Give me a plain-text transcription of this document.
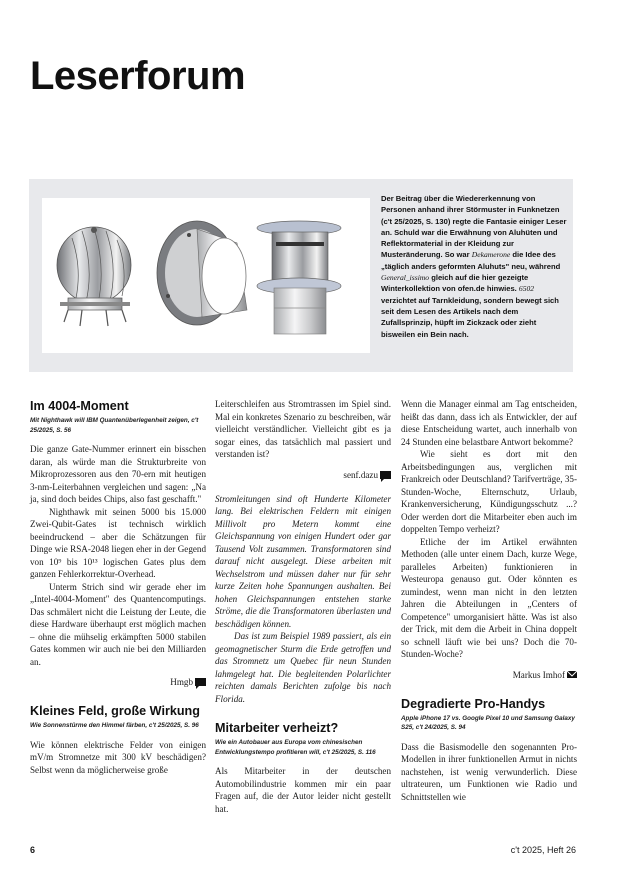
Leserforum
Der Beitrag über die Wiedererkennung von Personen anhand ihrer Störmuster in Funknetzen (c't 25/2025, S. 130) regte die Fantasie einiger Leser an. Schuld war die Erwähnung von Aluhüten und Reflektormaterial in der Kleidung zur Musteränderung. So war Dekamerone die Idee des „täglich anders geformten Aluhuts" neu, während General_issimo gleich auf die hier gezeigte Winterkollektion von ofen.de hinwies. 6502 verzichtet auf Tarnkleidung, sondern bewegt sich seit dem Lesen des Artikels nach dem Zufallsprinzip, hüpft im Zickzack oder zieht bisweilen ein Bein nach.
Im 4004-Moment

Mit Nighthawk will IBM Quantenüberlegenheit zeigen, c't 25/2025, S. 56

Die ganze Gate-Nummer erinnert ein bisschen daran, als würde man die Strukturbreite von Mikroprozessoren aus den 70-ern mit heutigen 3-nm-Leiterbahnen vergleichen und sagen: „Na ja, sind doch beides Chips, also fast geschafft."

Nighthawk mit seinen 5000 bis 15.000 Zwei-Qubit-Gates ist technisch wirklich beeindruckend – aber die Schätzungen für Dinge wie RSA-2048 liegen eher in der Gegend von 10⁹ bis 10¹³ logischen Gates plus dem ganzen Fehlerkorrektur-Overhead.

Unterm Strich sind wir gerade eher im „Intel-4004-Moment" des Quantencomputings. Das schmälert nicht die Leistung der Leute, die diese Hardware überhaupt erst möglich machen – ohne die mühselig erkämpften 5000 stabilen Gates kommen wir auch nie bei den Milliarden an.

Hmgb

Kleines Feld, große Wirkung

Wie Sonnenstürme den Himmel färben, c't 25/2025, S. 96

Wie können elektrische Felder von einigen mV/m Stromnetze mit 300 kV beschädigen? Selbst wenn da möglicherweise große

Leiterschleifen aus Stromtrassen im Spiel sind. Mal ein konkretes Szenario zu beschreiben, wär vielleicht verständlicher. Vielleicht gibt es ja sogar eines, das tatsächlich mal passiert und verstanden ist?

senf.dazu

Stromleitungen sind oft Hunderte Kilometer lang. Bei elektrischen Feldern mit einigen Millivolt pro Metern kommt eine Gleichspannung von einigen Hundert oder gar Tausend Volt zusammen. Transformatoren sind darauf nicht ausgelegt. Diese arbeiten mit Wechselstrom und müssen daher nur für sehr kurze Zeiten hohe Spannungen aushalten. Bei hohen Gleichspannungen entstehen starke Ströme, die die Transformatoren überlasten und beschädigen können.

Das ist zum Beispiel 1989 passiert, als ein geomagnetischer Sturm die Erde getroffen und das Stromnetz um Quebec für neun Stunden lahmgelegt hat. Die begleitenden Polarlichter reichten damals Berichten zufolge bis nach Florida.

Mitarbeiter verheizt?

Wie ein Autobauer aus Europa vom chinesischen Entwicklungstempo profitieren will, c't 25/2025, S. 116

Als Mitarbeiter in der deutschen Automobilindustrie kommen mir ein paar Fragen auf, die der Autor leider nicht gestellt hat.

Wenn die Manager einmal am Tag entscheiden, heißt das dann, dass ich als Entwickler, der auf diese Entscheidung wartet, auch innerhalb von 24 Stunden eine belastbare Antwort bekomme?

Wie sieht es dort mit den Arbeitsbedingungen aus, verglichen mit Frankreich oder Deutschland? Tarifverträge, 35-Stunden-Woche, Elternschutz, Urlaub, Krankenversicherung, Kündigungsschutz ...? Oder werden dort die Mitarbeiter eben auch im doppelten Tempo verheizt?

Etliche der im Artikel erwähnten Methoden (alle unter einem Dach, kurze Wege, paralleles Arbeiten) funktionieren in Westeuropa genauso gut. Oder könnten es zumindest, wenn man nicht in den letzten Jahren die Abteilungen in „Centers of Competence" umorganisiert hätte. Was ist also der Trick, mit dem die Arbeit in China doppelt so schnell läuft wie bei uns? Doch die 70-Stunden-Woche?

Markus Imhof

Degradierte Pro-Handys

Apple iPhone 17 vs. Google Pixel 10 und Samsung Galaxy S25, c't 24/2025, S. 94

Dass die Basismodelle den sogenannten Pro-Modellen in ihrer funktionellen Armut in nichts nachstehen, ist wenig verwunderlich. Diese ultrateuren, um Funktionen wie Radio und Schnittstellen wie

6	c't 2025, Heft 26
